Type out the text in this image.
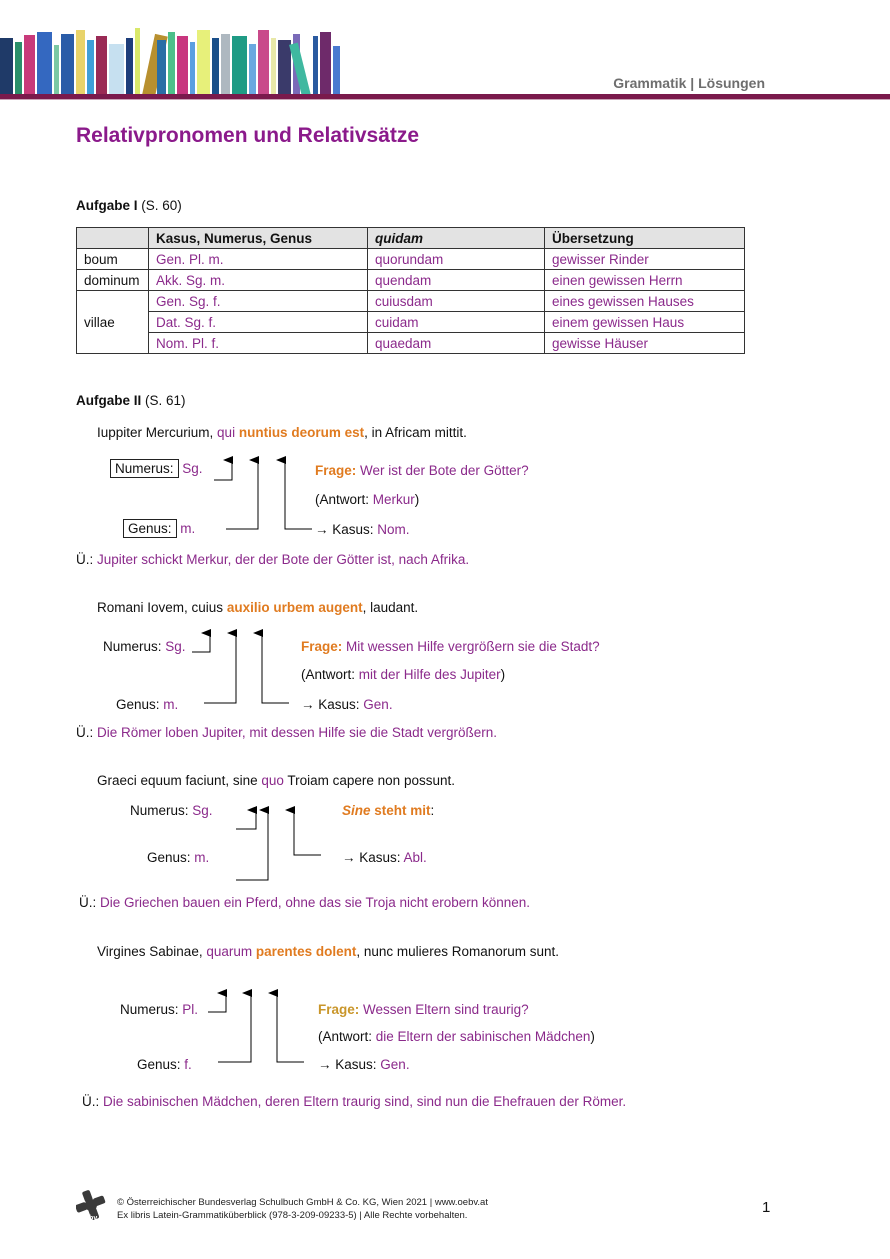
Grammatik | Lösungen
Relativpronomen und Relativsätze
Aufgabe I (S. 60)
	Kasus, Numerus, Genus	quidam	Übersetzung
boum	Gen. Pl. m.	quorundam	gewisser Rinder
dominum	Akk. Sg. m.	quendam	einen gewissen Herrn
villae	Gen. Sg. f.	cuiusdam	eines gewissen Hauses
	Dat. Sg. f.	cuidam	einem gewissen Haus
	Nom. Pl. f.	quaedam	gewisse Häuser
Aufgabe II (S. 61)
Iuppiter Mercurium, qui nuntius deorum est, in Africam mittit.
Numerus: Sg.	Frage: Wer ist der Bote der Götter?
(Antwort: Merkur)
Genus: m.	→ Kasus: Nom.
Ü.: Jupiter schickt Merkur, der der Bote der Götter ist, nach Afrika.
Romani Iovem, cuius auxilio urbem augent, laudant.
Numerus: Sg.	Frage: Mit wessen Hilfe vergrößern sie die Stadt?
(Antwort: mit der Hilfe des Jupiter)
Genus: m.	→ Kasus: Gen.
Ü.: Die Römer loben Jupiter, mit dessen Hilfe sie die Stadt vergrößern.
Graeci equum faciunt, sine quo Troiam capere non possunt.
Numerus: Sg.	Sine steht mit:
Genus: m.	→ Kasus: Abl.
Ü.: Die Griechen bauen ein Pferd, ohne das sie Troja nicht erobern können.
Virgines Sabinae, quarum parentes dolent, nunc mulieres Romanorum sunt.
Numerus: Pl.	Frage: Wessen Eltern sind traurig?
(Antwort: die Eltern der sabinischen Mädchen)
Genus: f.	→ Kasus: Gen.
Ü.: Die sabinischen Mädchen, deren Eltern traurig sind, sind nun die Ehefrauen der Römer.
öbv
© Österreichischer Bundesverlag Schulbuch GmbH & Co. KG, Wien 2021 | www.oebv.at
Ex libris Latein-Grammatiküberblick (978-3-209-09233-5) | Alle Rechte vorbehalten.	1
